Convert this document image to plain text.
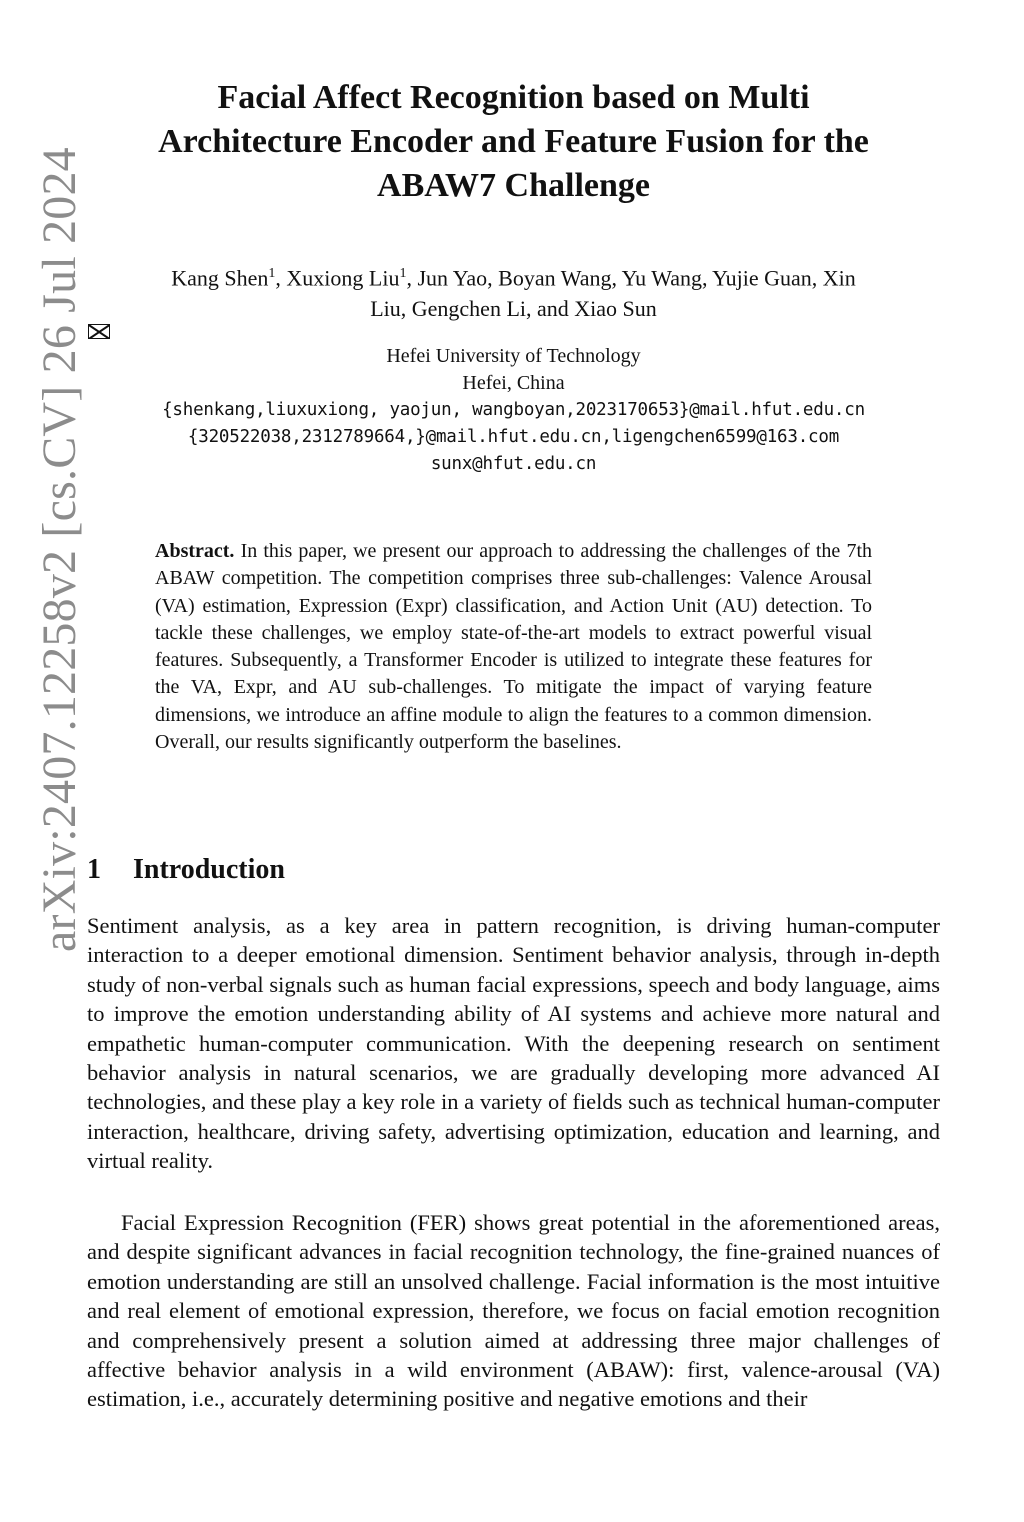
arXiv:2407.12258v2 [cs.CV] 26 Jul 2024
Facial Affect Recognition based on Multi
Architecture Encoder and Feature Fusion for the
ABAW7 Challenge
Kang Shen$^1$, Xuxiong Liu$^1$, Jun Yao, Boyan Wang, Yu Wang, Yujie Guan, Xin
Liu, Gengchen Li, and Xiao Sun
Hefei University of Technology
Hefei, China
{shenkang,liuxuxiong, yaojun, wangboyan,2023170653}@mail.hfut.edu.cn
{320522038,2312789664,}@mail.hfut.edu.cn,ligengchen6599@163.com
sunx@hfut.edu.cn

Abstract. In this paper, we present our approach to addressing the challenges of the 7th ABAW competition. The competition comprises three sub-challenges: Valence Arousal (VA) estimation, Expression (Expr) classification, and Action Unit (AU) detection. To tackle these challenges, we employ state-of-the-art models to extract powerful visual features. Subsequently, a Transformer Encoder is utilized to integrate these features for the VA, Expr, and AU sub-challenges. To mitigate the impact of varying feature dimensions, we introduce an affine module to align the features to a common dimension. Overall, our results significantly outperform the baselines.

1 Introduction

Sentiment analysis, as a key area in pattern recognition, is driving human-computer interaction to a deeper emotional dimension. Sentiment behavior analysis, through in-depth study of non-verbal signals such as human facial expressions, speech and body language, aims to improve the emotion understanding ability of AI systems and achieve more natural and empathetic human-computer communication. With the deepening research on sentiment behavior analysis in natural scenarios, we are gradually developing more advanced AI technologies, and these play a key role in a variety of fields such as technical human-computer interaction, healthcare, driving safety, advertising optimization, education and learning, and virtual reality.

Facial Expression Recognition (FER) shows great potential in the aforementioned areas, and despite significant advances in facial recognition technology, the fine-grained nuances of emotion understanding are still an unsolved challenge. Facial information is the most intuitive and real element of emotional expression, therefore, we focus on facial emotion recognition and comprehensively present a solution aimed at addressing three major challenges of affective behavior analysis in a wild environment (ABAW): first, valence-arousal (VA) estimation, i.e., accurately determining positive and negative emotions and their
